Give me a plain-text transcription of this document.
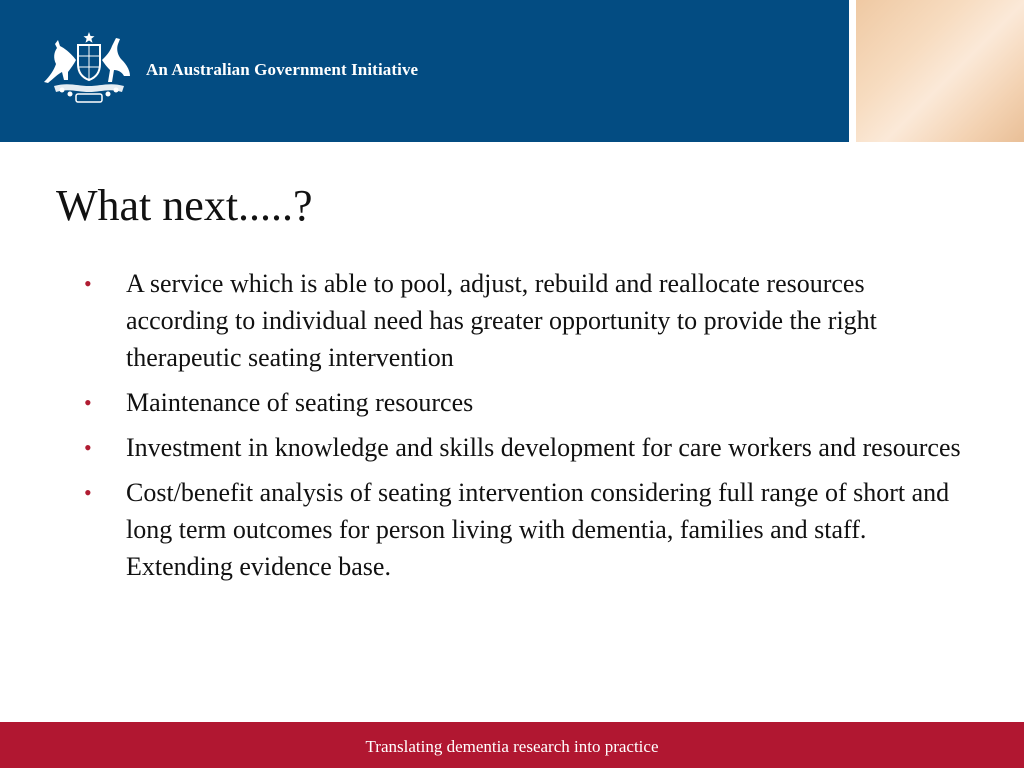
An Australian Government Initiative
What next.....?
• A service which is able to pool, adjust, rebuild and reallocate resources according to individual need has greater opportunity to provide the right therapeutic seating intervention
• Maintenance of seating resources
• Investment in knowledge and skills development for care workers and resources
• Cost/benefit analysis of seating intervention considering full range of short and long term outcomes for person living with dementia, families and staff. Extending evidence base.
Translating dementia research into practice
